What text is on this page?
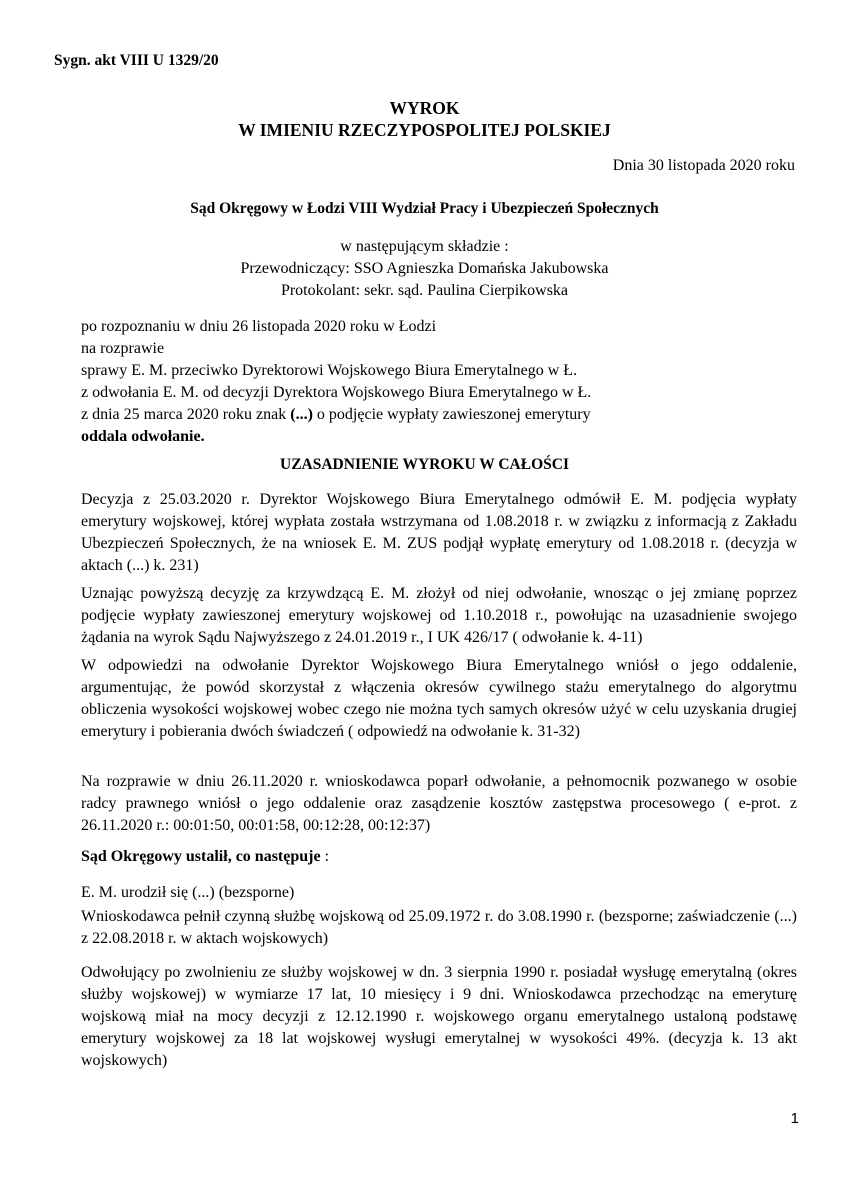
Sygn. akt VIII U 1329/20
WYROK
W IMIENIU RZECZYPOSPOLITEJ POLSKIEJ
Dnia 30 listopada 2020 roku
Sąd Okręgowy w Łodzi VIII Wydział Pracy i Ubezpieczeń Społecznych
w następującym składzie :
Przewodniczący: SSO Agnieszka Domańska Jakubowska
Protokolant: sekr. sąd. Paulina Cierpikowska
po rozpoznaniu w dniu 26 listopada 2020 roku w Łodzi
na rozprawie
sprawy E. M. przeciwko Dyrektorowi Wojskowego Biura Emerytalnego w Ł.
z odwołania E. M. od decyzji Dyrektora Wojskowego Biura Emerytalnego w Ł.
z dnia 25 marca 2020 roku znak (...) o podjęcie wypłaty zawieszonej emerytury
oddala odwołanie.
UZASADNIENIE WYROKU W CAŁOŚCI
Decyzja z 25.03.2020 r. Dyrektor Wojskowego Biura Emerytalnego odmówił E. M. podjęcia wypłaty emerytury wojskowej, której wypłata została wstrzymana od 1.08.2018 r. w związku z informacją z Zakładu Ubezpieczeń Społecznych, że na wniosek E. M. ZUS podjął wypłatę emerytury od 1.08.2018 r. (decyzja w aktach (...) k. 231)
Uznając powyższą decyzję za krzywdzącą E. M. złożył od niej odwołanie, wnosząc o jej zmianę poprzez podjęcie wypłaty zawieszonej emerytury wojskowej od 1.10.2018 r., powołując na uzasadnienie swojego żądania na wyrok Sądu Najwyższego z 24.01.2019 r., I UK 426/17 ( odwołanie k. 4-11)
W odpowiedzi na odwołanie Dyrektor Wojskowego Biura Emerytalnego wniósł o jego oddalenie, argumentując, że powód skorzystał z włączenia okresów cywilnego stażu emerytalnego do algorytmu obliczenia wysokości wojskowej wobec czego nie można tych samych okresów użyć w celu uzyskania drugiej emerytury i pobierania dwóch świadczeń ( odpowiedź na odwołanie k. 31-32)
Na rozprawie w dniu 26.11.2020 r. wnioskodawca poparł odwołanie, a pełnomocnik pozwanego w osobie radcy prawnego wniósł o jego oddalenie oraz zasądzenie kosztów zastępstwa procesowego ( e-prot. z 26.11.2020 r.: 00:01:50, 00:01:58, 00:12:28, 00:12:37)
Sąd Okręgowy ustalił, co następuje :
E. M. urodził się (...) (bezsporne)
Wnioskodawca pełnił czynną służbę wojskową od 25.09.1972 r. do 3.08.1990 r. (bezsporne; zaświadczenie (...) z 22.08.2018 r. w aktach wojskowych)
Odwołujący po zwolnieniu ze służby wojskowej w dn. 3 sierpnia 1990 r. posiadał wysługę emerytalną (okres służby wojskowej) w wymiarze 17 lat, 10 miesięcy i 9 dni. Wnioskodawca przechodząc na emeryturę wojskową miał na mocy decyzji z 12.12.1990 r. wojskowego organu emerytalnego ustaloną podstawę emerytury wojskowej za 18 lat wojskowej wysługi emerytalnej w wysokości 49%. (decyzja k. 13 akt wojskowych)
1
